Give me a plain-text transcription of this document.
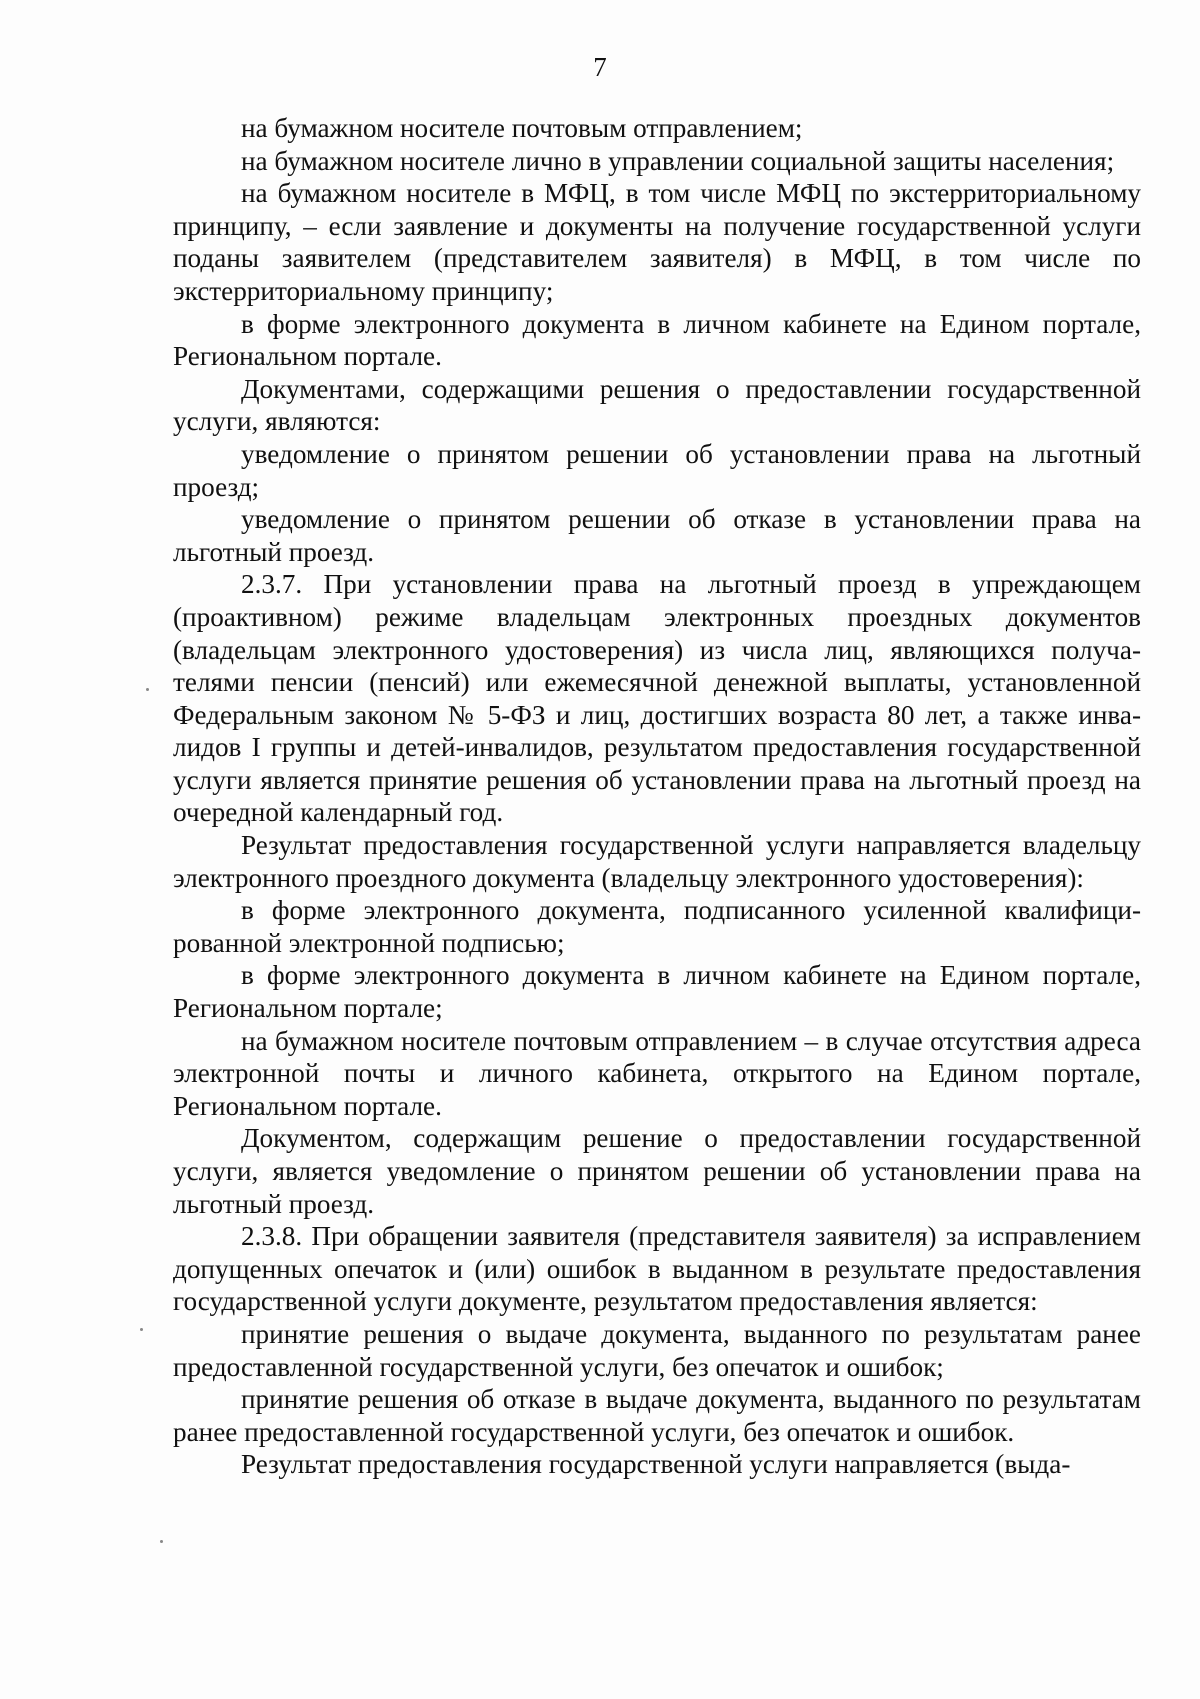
7

на бумажном носителе почтовым отправлением;

на бумажном носителе лично в управлении социальной защиты населения;

на бумажном носителе в МФЦ, в том числе МФЦ по экстерриториальному принципу, – если заявление и документы на получение государственной услуги поданы заявителем (представителем заявителя) в МФЦ, в том числе по экстерриториальному принципу;

в форме электронного документа в личном кабинете на Едином портале, Региональном портале.

Документами, содержащими решения о предоставлении государственной услуги, являются:

уведомление о принятом решении об установлении права на льготный проезд;

уведомление о принятом решении об отказе в установлении права на льготный проезд.

2.3.7. При установлении права на льготный проезд в упреждающем (проактивном) режиме владельцам электронных проездных документов (владельцам электронного удостоверения) из числа лиц, являющихся получателями пенсии (пенсий) или ежемесячной денежной выплаты, установленной Федеральным законом № 5-ФЗ и лиц, достигших возраста 80 лет, а также инвалидов I группы и детей-инвалидов, результатом предоставления государственной услуги является принятие решения об установлении права на льготный проезд на очередной календарный год.

Результат предоставления государственной услуги направляется владельцу электронного проездного документа (владельцу электронного удостоверения):

в форме электронного документа, подписанного усиленной квалифицированной электронной подписью;

в форме электронного документа в личном кабинете на Едином портале, Региональном портале;

на бумажном носителе почтовым отправлением – в случае отсутствия адреса электронной почты и личного кабинета, открытого на Едином портале, Региональном портале.

Документом, содержащим решение о предоставлении государственной услуги, является уведомление о принятом решении об установлении права на льготный проезд.

2.3.8. При обращении заявителя (представителя заявителя) за исправлением допущенных опечаток и (или) ошибок в выданном в результате предоставления государственной услуги документе, результатом предоставления является:

принятие решения о выдаче документа, выданного по результатам ранее предоставленной государственной услуги, без опечаток и ошибок;

принятие решения об отказе в выдаче документа, выданного по результатам ранее предоставленной государственной услуги, без опечаток и ошибок.

Результат предоставления государственной услуги направляется (выда-
